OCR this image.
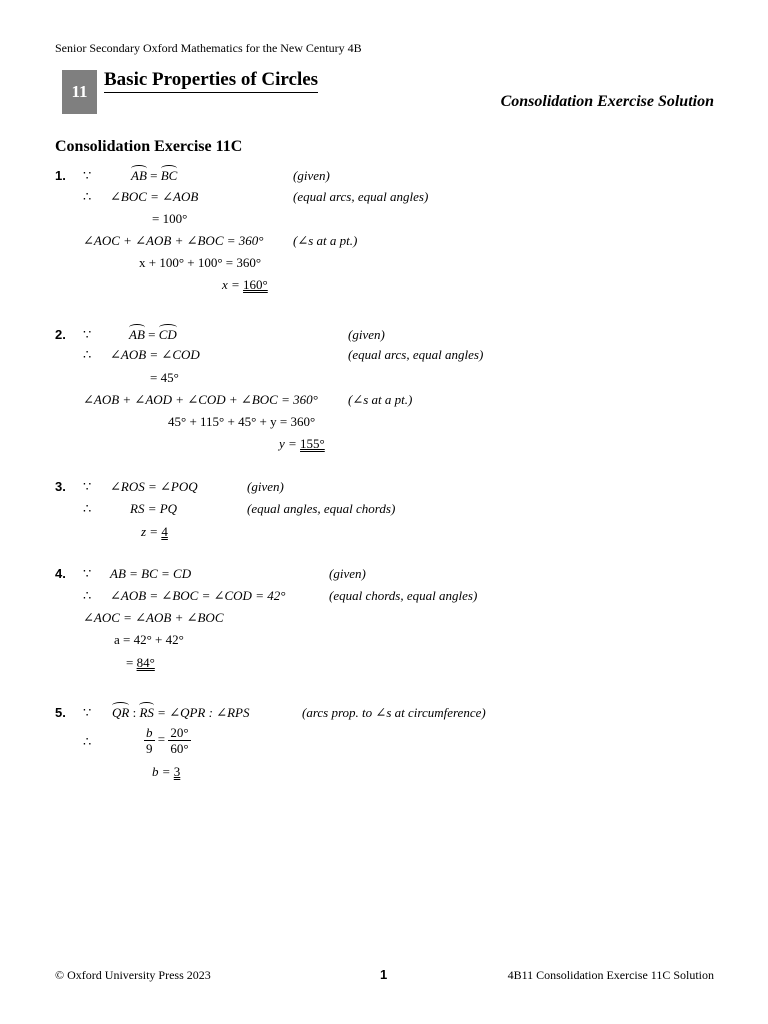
Senior Secondary Oxford Mathematics for the New Century 4B
11
Basic Properties of Circles
Consolidation Exercise Solution
Consolidation Exercise 11C
1. ∵	AB = BC	(given)
∴ ∠BOC = ∠AOB	(equal arcs, equal angles)
= 100°
∠AOC + ∠AOB + ∠BOC = 360° (∠s at a pt.)
x + 100° + 100° = 360°
x = 160°
2. ∵	AB = CD	(given)
∴ ∠AOB = ∠COD	(equal arcs, equal angles)
= 45°
∠AOB + ∠AOD + ∠COD + ∠BOC = 360° (∠s at a pt.)
45° + 115° + 45° + y = 360°
y = 155°
3. ∵ ∠ROS = ∠POQ	(given)
∴	RS = PQ	(equal angles, equal chords)
z = 4
4. ∵ AB = BC = CD	(given)
∴ ∠AOB = ∠BOC = ∠COD = 42°	(equal chords, equal angles)
∠AOC = ∠AOB + ∠BOC
a = 42° + 42°
= 84°
5. ∵ QR : RS = ∠QPR : ∠RPS	(arcs prop. to ∠s at circumference)
∴	$\frac{b}{9} = \frac{20^\circ}{60^\circ}$
b = 3
© Oxford University Press 2023	1	4B11 Consolidation Exercise 11C Solution
